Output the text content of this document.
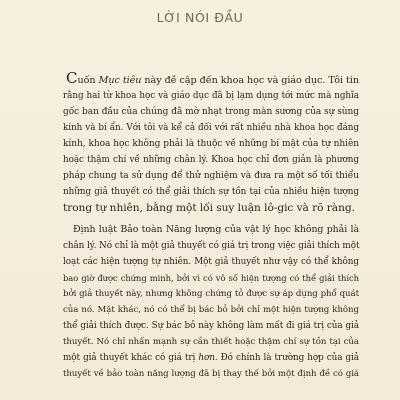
LỜI NÓI ĐẦU
Cuốn Mục tiêu này đề cập đến khoa học và giáo dục. Tôi tin
rằng hai từ khoa học và giáo dục đã bị lạm dụng tới mức mà nghĩa
gốc ban đầu của chúng đã mờ nhạt trong màn sương của sự sùng
kính và bí ẩn. Với tôi và kể cả đối với rất nhiều nhà khoa học đáng
kính, khoa học không phải là thuộc về những bí mật của tự nhiên
hoặc thậm chí về những chân lý. Khoa học chỉ đơn giản là phương
pháp chung ta sử dụng để thử nghiệm và đưa ra một số tối thiểu
những giả thuyết có thể giải thích sự tồn tại của nhiều hiện tượng
trong tự nhiên, bằng một lối suy luận lô-gic và rõ ràng.
Định luật Bảo toàn Năng lượng của vật lý học không phải là
chân lý. Nó chỉ là một giả thuyết có giá trị trong việc giải thích một
loạt các hiện tượng tự nhiên. Một giả thuyết như vậy có thể không
bao giờ được chứng minh, bởi vì có vô số hiện tượng có thể giải thích
bởi giả thuyết này, nhưng không chứng tỏ được sự áp dụng phổ quát
của nó. Mặt khác, nó có thể bị bác bỏ bởi chỉ một hiện tượng không
thể giải thích được. Sự bác bỏ này không làm mất đi giá trị của giả
thuyết. Nó chỉ nhấn mạnh sự cần thiết hoặc thậm chí sự tồn tại của
một giả thuyết khác có giá trị hơn. Đó chính là trường hợp của giả
thuyết về bảo toàn năng lượng đã bị thay thế bởi một định đề có giá
